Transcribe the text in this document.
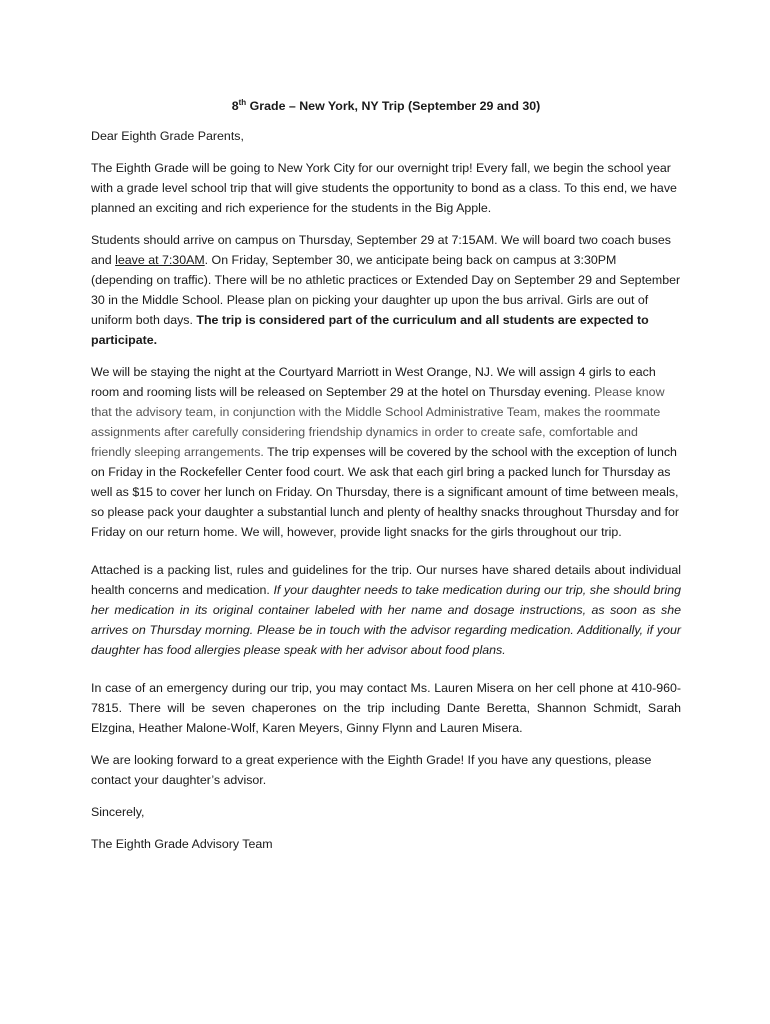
8th Grade – New York, NY Trip (September 29 and 30)

Dear Eighth Grade Parents,

The Eighth Grade will be going to New York City for our overnight trip! Every fall, we begin the school year with a grade level school trip that will give students the opportunity to bond as a class. To this end, we have planned an exciting and rich experience for the students in the Big Apple.

Students should arrive on campus on Thursday, September 29 at 7:15AM. We will board two coach buses and leave at 7:30AM. On Friday, September 30, we anticipate being back on campus at 3:30PM (depending on traffic). There will be no athletic practices or Extended Day on September 29 and September 30 in the Middle School. Please plan on picking your daughter up upon the bus arrival. Girls are out of uniform both days. The trip is considered part of the curriculum and all students are expected to participate.

We will be staying the night at the Courtyard Marriott in West Orange, NJ. We will assign 4 girls to each room and rooming lists will be released on September 29 at the hotel on Thursday evening. Please know that the advisory team, in conjunction with the Middle School Administrative Team, makes the roommate assignments after carefully considering friendship dynamics in order to create safe, comfortable and friendly sleeping arrangements. The trip expenses will be covered by the school with the exception of lunch on Friday in the Rockefeller Center food court. We ask that each girl bring a packed lunch for Thursday as well as $15 to cover her lunch on Friday. On Thursday, there is a significant amount of time between meals, so please pack your daughter a substantial lunch and plenty of healthy snacks throughout Thursday and for Friday on our return home. We will, however, provide light snacks for the girls throughout our trip.

Attached is a packing list, rules and guidelines for the trip. Our nurses have shared details about individual health concerns and medication. If your daughter needs to take medication during our trip, she should bring her medication in its original container labeled with her name and dosage instructions, as soon as she arrives on Thursday morning. Please be in touch with the advisor regarding medication. Additionally, if your daughter has food allergies please speak with her advisor about food plans.

In case of an emergency during our trip, you may contact Ms. Lauren Misera on her cell phone at 410-960-7815. There will be seven chaperones on the trip including Dante Beretta, Shannon Schmidt, Sarah Elzgina, Heather Malone-Wolf, Karen Meyers, Ginny Flynn and Lauren Misera.

We are looking forward to a great experience with the Eighth Grade! If you have any questions, please contact your daughter’s advisor.

Sincerely,

The Eighth Grade Advisory Team
